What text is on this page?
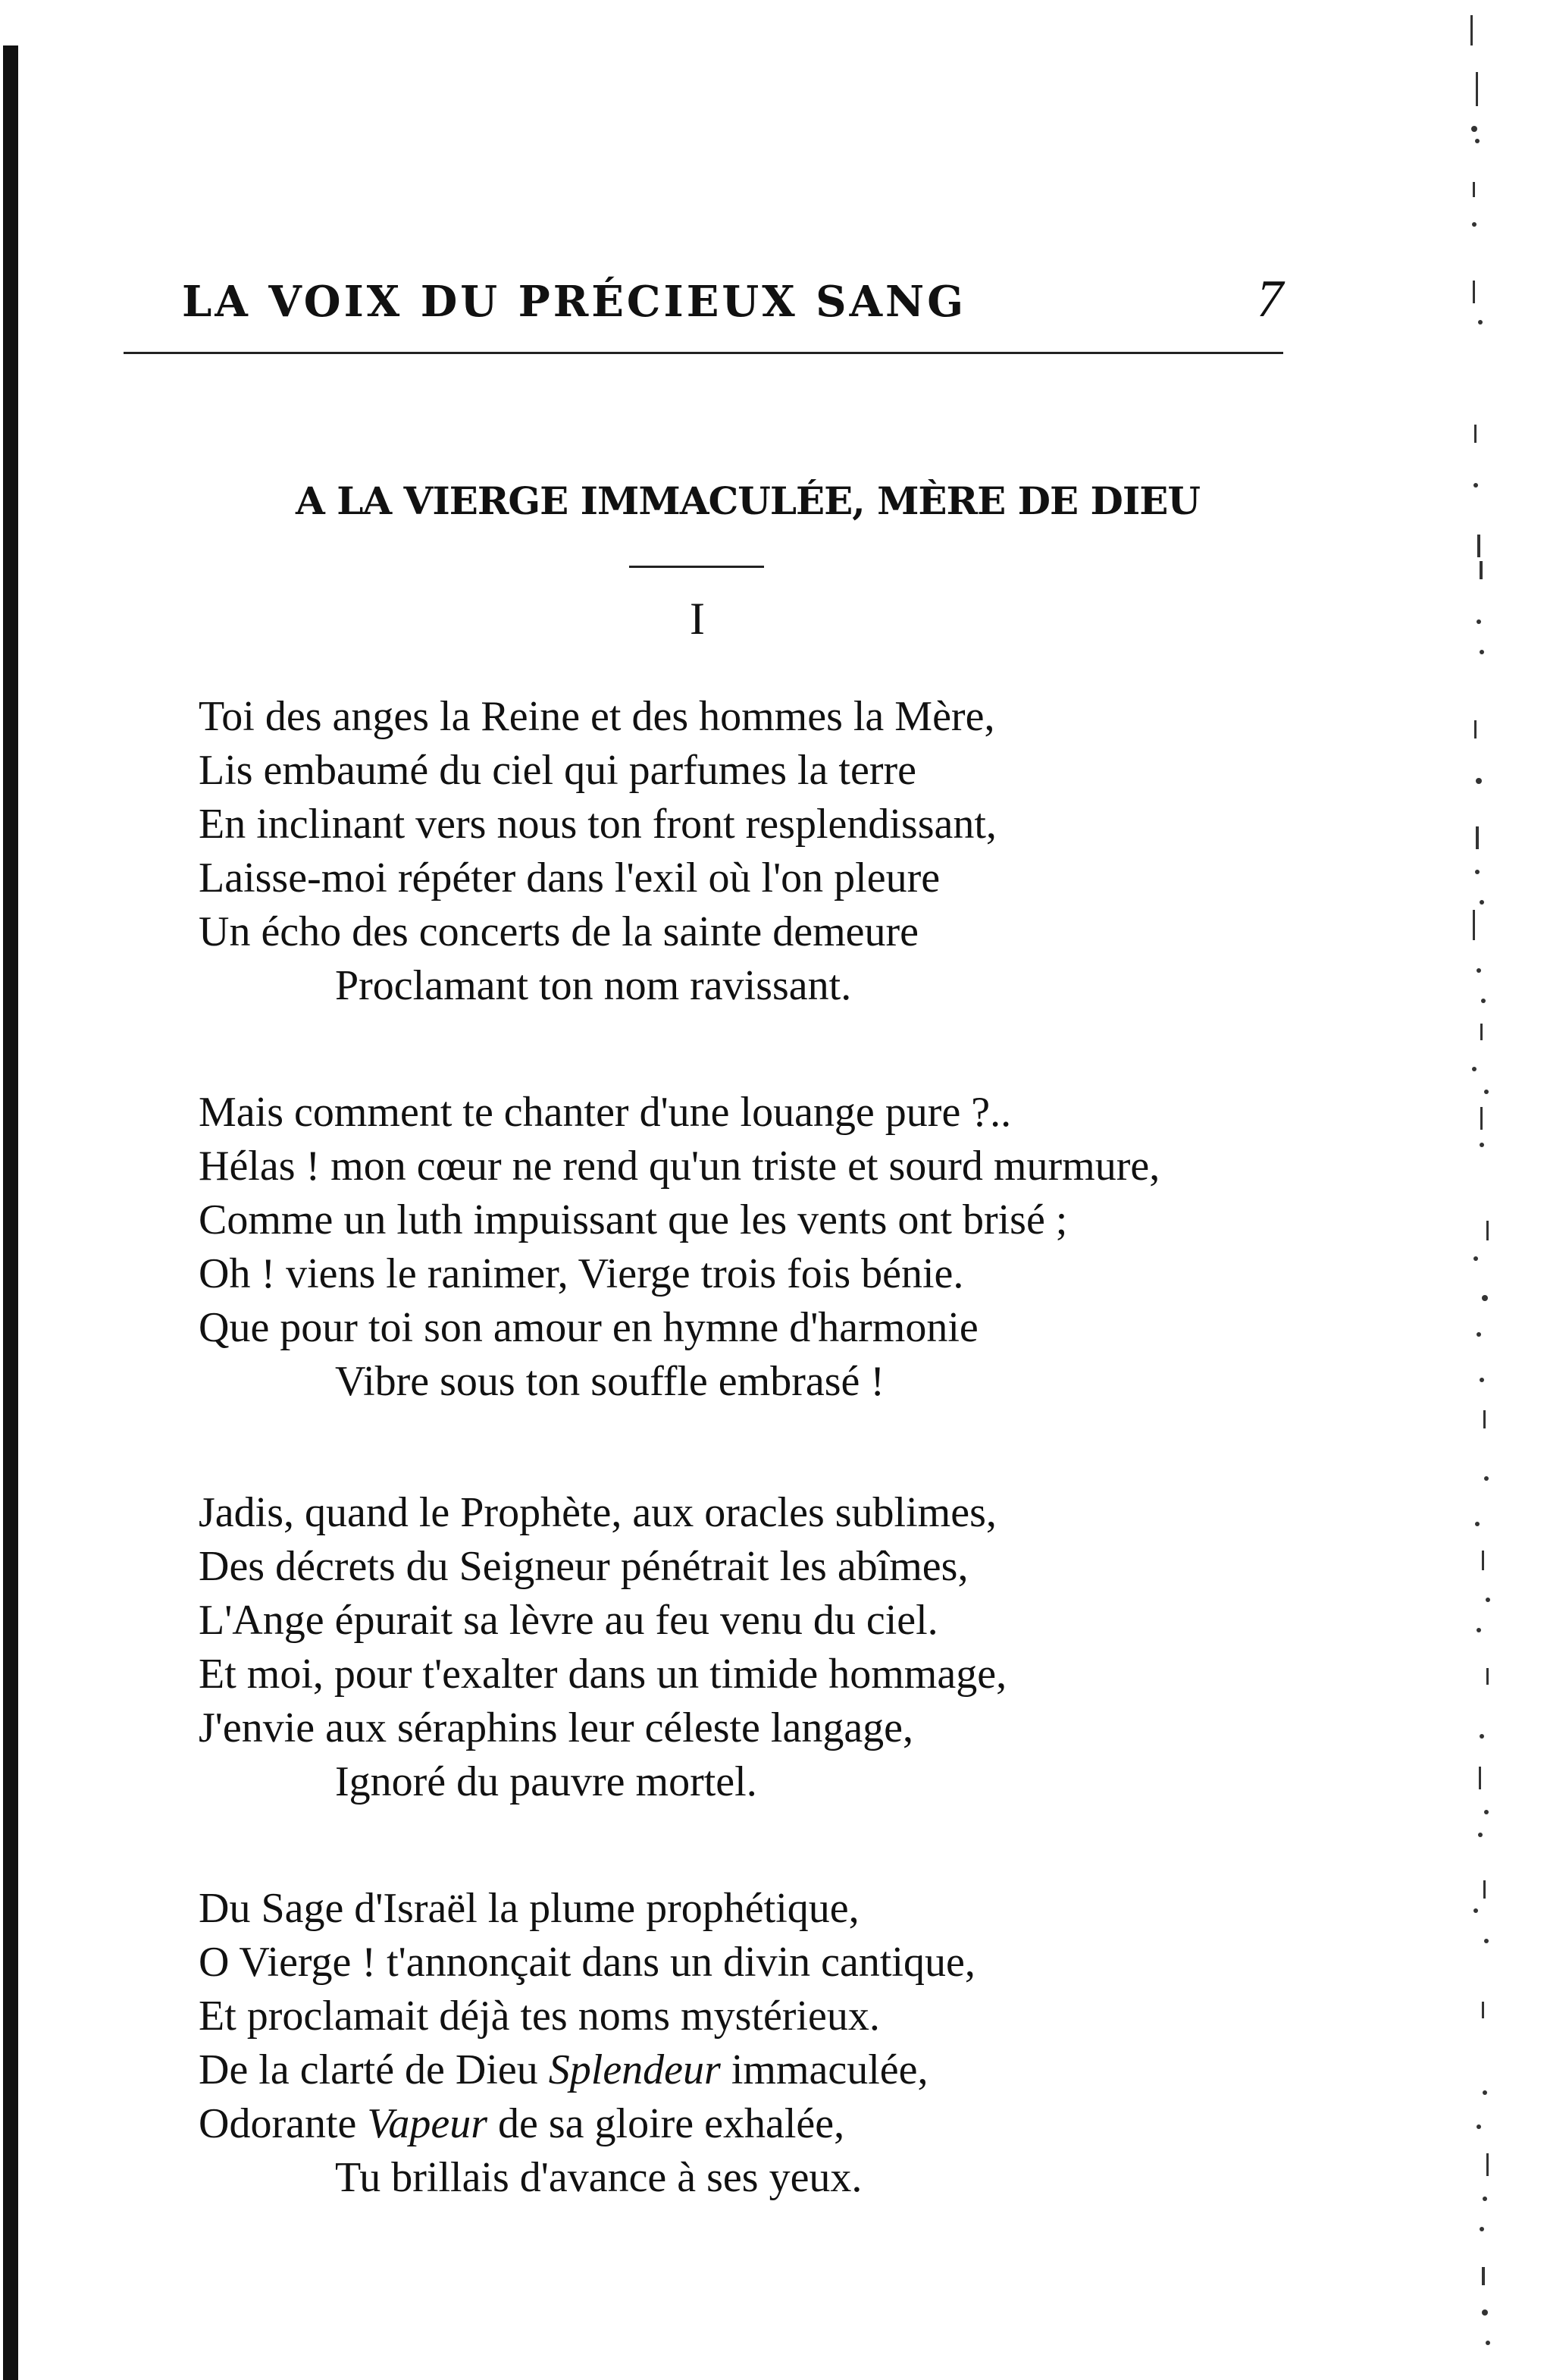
LA VOIX DU PRÉCIEUX SANG	7
A LA VIERGE IMMACULÉE, MÈRE DE DIEU
I
Toi des anges la Reine et des hommes la Mère,
Lis embaumé du ciel qui parfumes la terre
En inclinant vers nous ton front resplendissant,
Laisse-moi répéter dans l'exil où l'on pleure
Un écho des concerts de la sainte demeure
Proclamant ton nom ravissant.
Mais comment te chanter d'une louange pure ?..
Hélas ! mon cœur ne rend qu'un triste et sourd murmure,
Comme un luth impuissant que les vents ont brisé ;
Oh ! viens le ranimer, Vierge trois fois bénie.
Que pour toi son amour en hymne d'harmonie
Vibre sous ton souffle embrasé !
Jadis, quand le Prophète, aux oracles sublimes,
Des décrets du Seigneur pénétrait les abîmes,
L'Ange épurait sa lèvre au feu venu du ciel.
Et moi, pour t'exalter dans un timide hommage,
J'envie aux séraphins leur céleste langage,
Ignoré du pauvre mortel.
Du Sage d'Israël la plume prophétique,
O Vierge ! t'annonçait dans un divin cantique,
Et proclamait déjà tes noms mystérieux.
De la clarté de Dieu Splendeur immaculée,
Odorante Vapeur de sa gloire exhalée,
Tu brillais d'avance à ses yeux.
